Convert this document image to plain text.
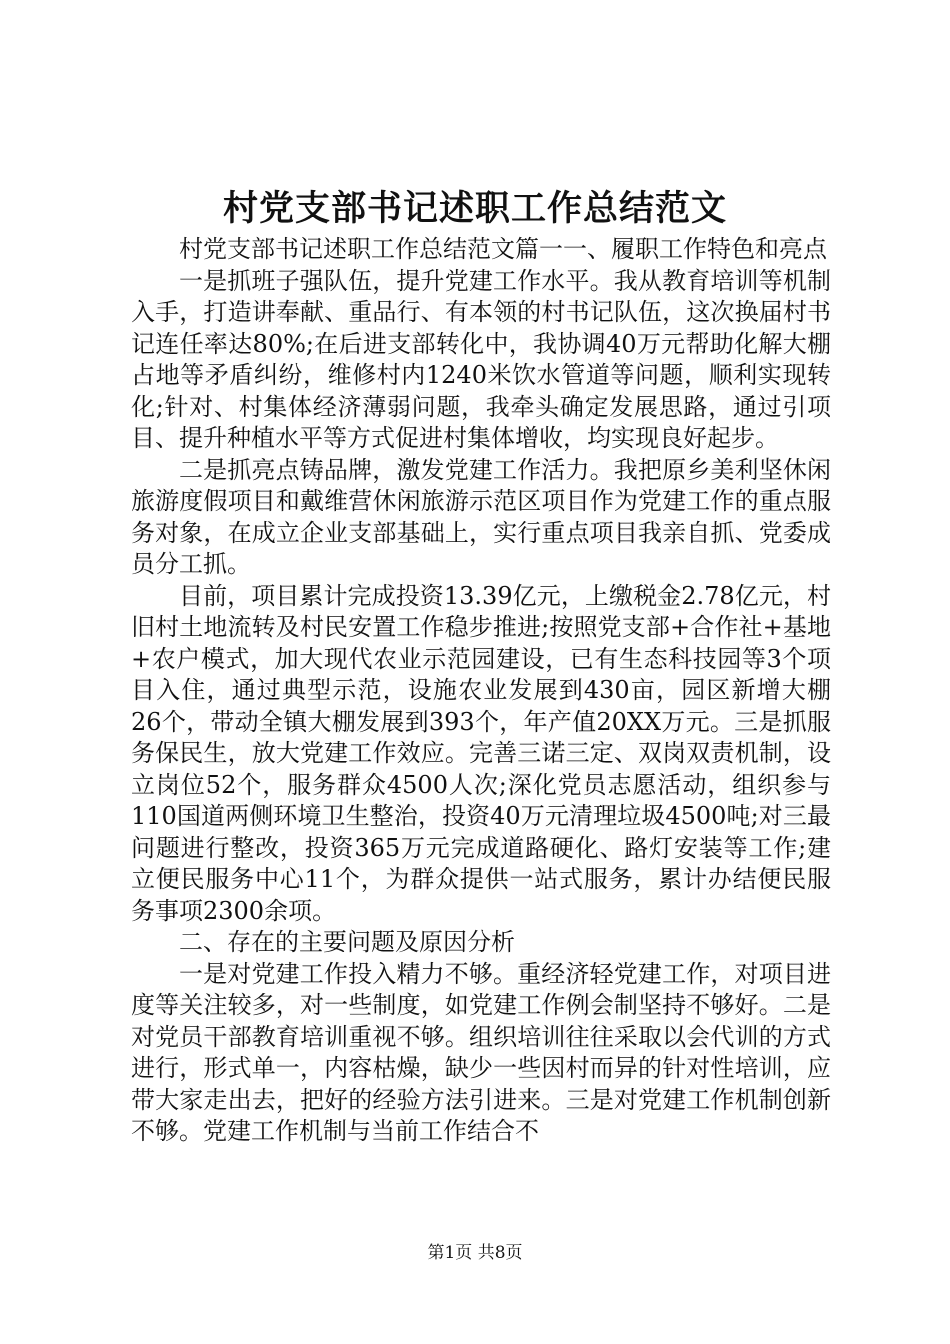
村党支部书记述职工作总结范文

村党支部书记述职工作总结范文篇一一、履职工作特色和亮点

一是抓班子强队伍，提升党建工作水平。我从教育培训等机制入手，打造讲奉献、重品行、有本领的村书记队伍，这次换届村书记连任率达80%;在后进支部转化中，我协调40万元帮助化解大棚占地等矛盾纠纷，维修村内1240米饮水管道等问题，顺利实现转化;针对、村集体经济薄弱问题，我牵头确定发展思路，通过引项目、提升种植水平等方式促进村集体增收，均实现良好起步。

二是抓亮点铸品牌，激发党建工作活力。我把原乡美利坚休闲旅游度假项目和戴维营休闲旅游示范区项目作为党建工作的重点服务对象，在成立企业支部基础上，实行重点项目我亲自抓、党委成员分工抓。

目前，项目累计完成投资13.39亿元，上缴税金2.78亿元，村旧村土地流转及村民安置工作稳步推进;按照党支部+合作社+基地+农户模式，加大现代农业示范园建设，已有生态科技园等3个项目入住，通过典型示范，设施农业发展到430亩，园区新增大棚26个，带动全镇大棚发展到393个，年产值20XX万元。三是抓服务保民生，放大党建工作效应。完善三诺三定、双岗双责机制，设立岗位52个，服务群众4500人次;深化党员志愿活动，组织参与110国道两侧环境卫生整治，投资40万元清理垃圾4500吨;对三最问题进行整改，投资365万元完成道路硬化、路灯安装等工作;建立便民服务中心11个，为群众提供一站式服务，累计办结便民服务事项2300余项。

二、存在的主要问题及原因分析

一是对党建工作投入精力不够。重经济轻党建工作，对项目进度等关注较多，对一些制度，如党建工作例会制坚持不够好。二是对党员干部教育培训重视不够。组织培训往往采取以会代训的方式进行，形式单一，内容枯燥，缺少一些因村而异的针对性培训，应带大家走出去，把好的经验方法引进来。三是对党建工作机制创新不够。党建工作机制与当前工作结合不

第1页 共8页
